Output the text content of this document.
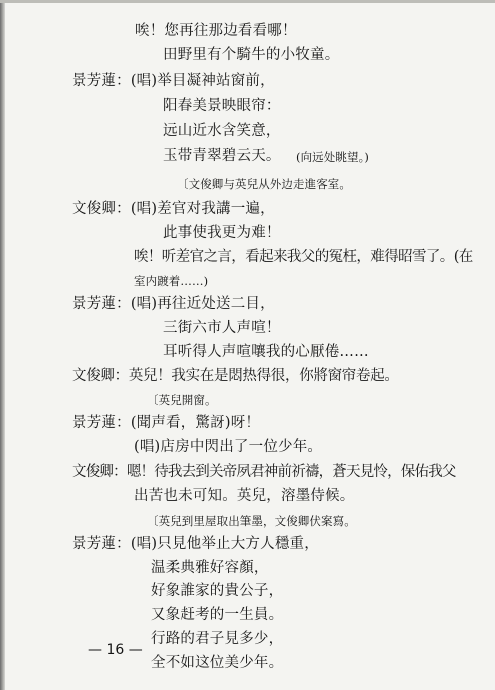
唉！您再往那边看看哪！
田野里有个騎牛的小牧童。
景芳蓮：(唱)举目凝神站窗前，
阳春美景映眼帘：
远山近水含笑意，
玉带青翠碧云天。 (向远处眺望。)
〔文俊卿与英兒从外边走進客室。
文俊卿：(唱)差官对我講一遍，
此事使我更为难！
唉！听差官之言，看起来我父的冤枉，难得昭雪了。(在
室内踱着……)
景芳蓮：(唱)再往近处送二目，
三街六市人声喧！
耳听得人声喧嚷我的心厭倦……
文俊卿：英兒！我实在是悶热得很，你將窗帘卷起。
〔英兒開窗。
景芳蓮：(聞声看，驚訝)呀！
(唱)店房中閃出了一位少年。
文俊卿：嗯！待我去到关帝夙君神前祈禱，蒼天見怜，保佑我父
出苦也未可知。英兒，溶墨侍候。
〔英兒到里屋取出筆墨，文俊卿伏案寫。
景芳蓮：(唱)只見他举止大方人穩重，
温柔典雅好容顏，
好象誰家的貴公子，
又象赶考的一生員。
行路的君子見多少，
全不如这位美少年。
— 16 —
